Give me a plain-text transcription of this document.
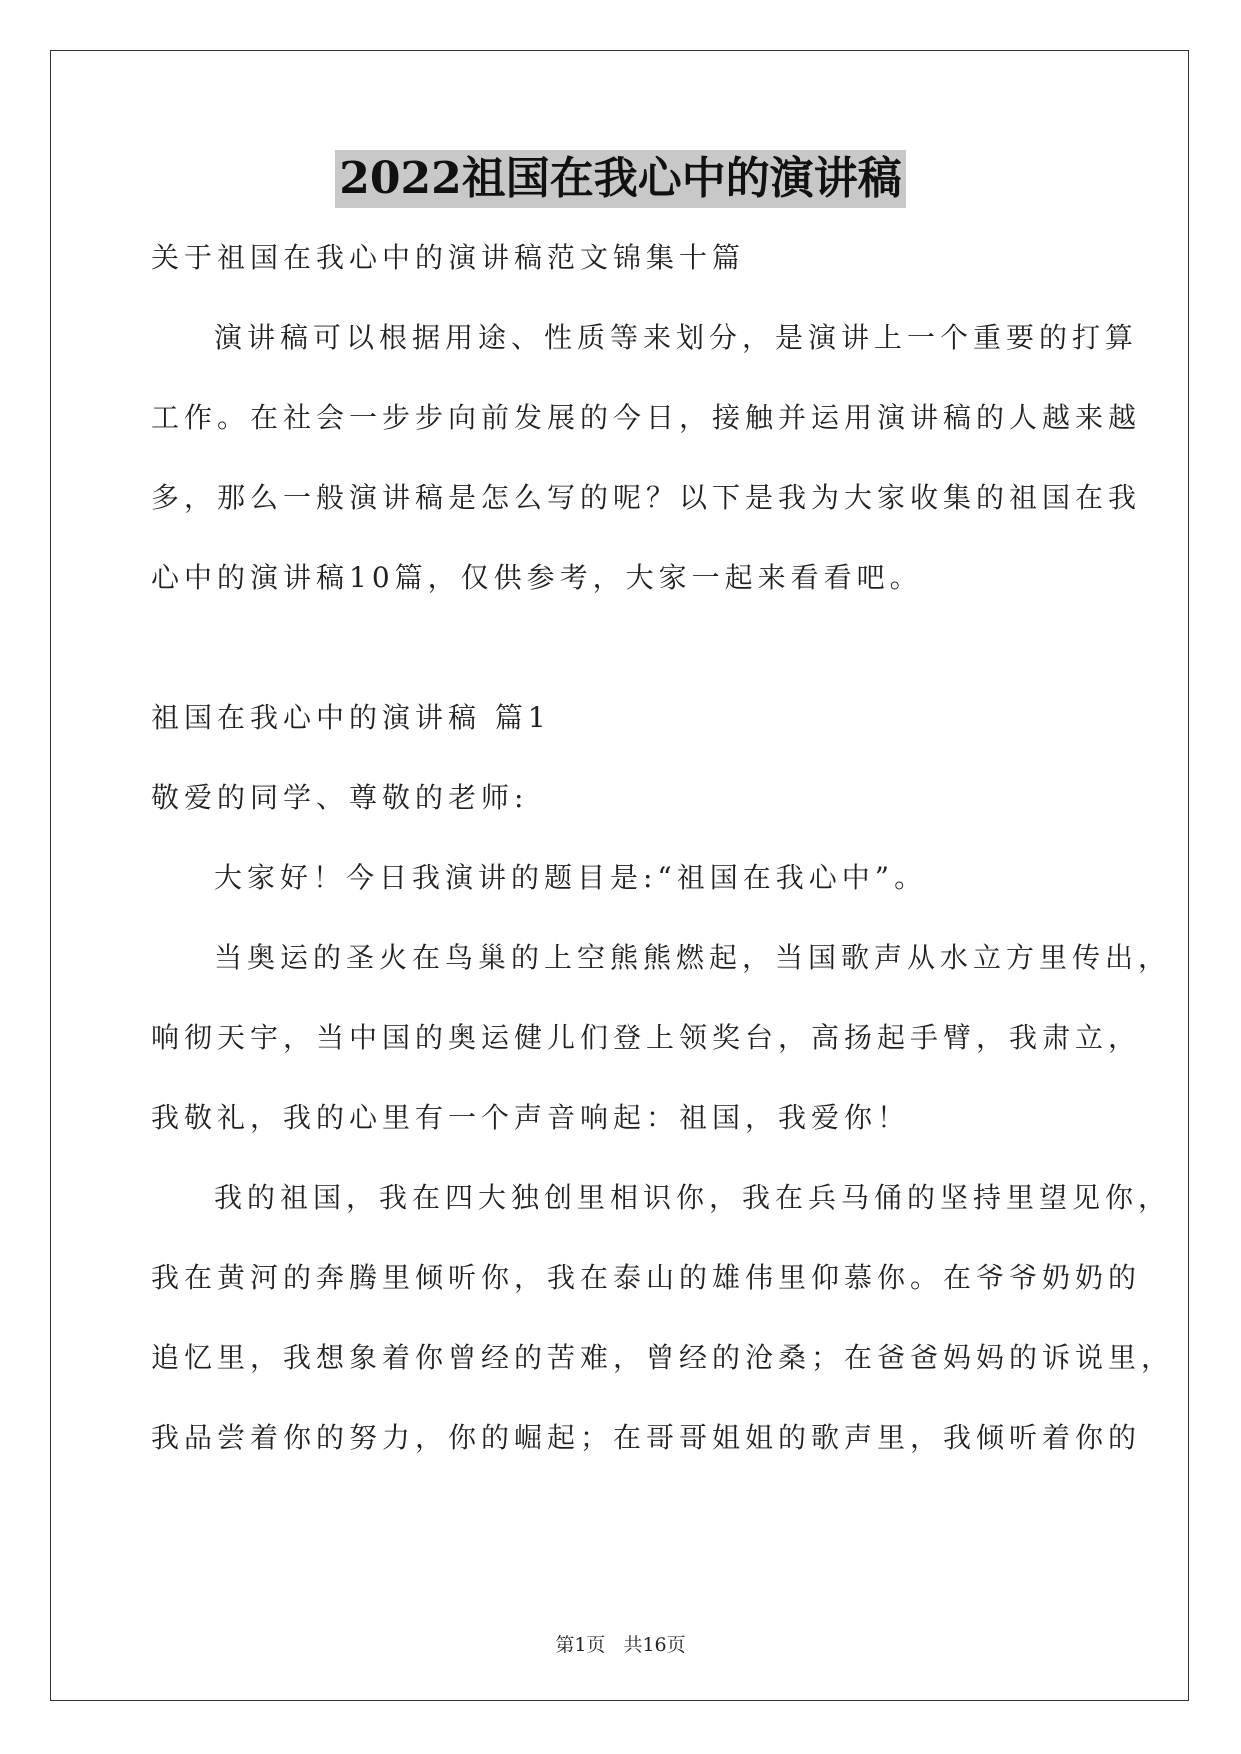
2022祖国在我心中的演讲稿
关于祖国在我心中的演讲稿范文锦集十篇
演讲稿可以根据用途、性质等来划分，是演讲上一个重要的打算
工作。在社会一步步向前发展的今日，接触并运用演讲稿的人越来越
多，那么一般演讲稿是怎么写的呢？以下是我为大家收集的祖国在我
心中的演讲稿10篇，仅供参考，大家一起来看看吧。
祖国在我心中的演讲稿 篇1
敬爱的同学、尊敬的老师:
大家好！今日我演讲的题目是:“祖国在我心中”。
当奥运的圣火在鸟巢的上空熊熊燃起，当国歌声从水立方里传出，
响彻天宇，当中国的奥运健儿们登上领奖台，高扬起手臂，我肃立，
我敬礼，我的心里有一个声音响起：祖国，我爱你！
我的祖国，我在四大独创里相识你，我在兵马俑的坚持里望见你，
我在黄河的奔腾里倾听你，我在泰山的雄伟里仰慕你。在爷爷奶奶的
追忆里，我想象着你曾经的苦难，曾经的沧桑；在爸爸妈妈的诉说里，
我品尝着你的努力，你的崛起；在哥哥姐姐的歌声里，我倾听着你的
第1页 共16页
